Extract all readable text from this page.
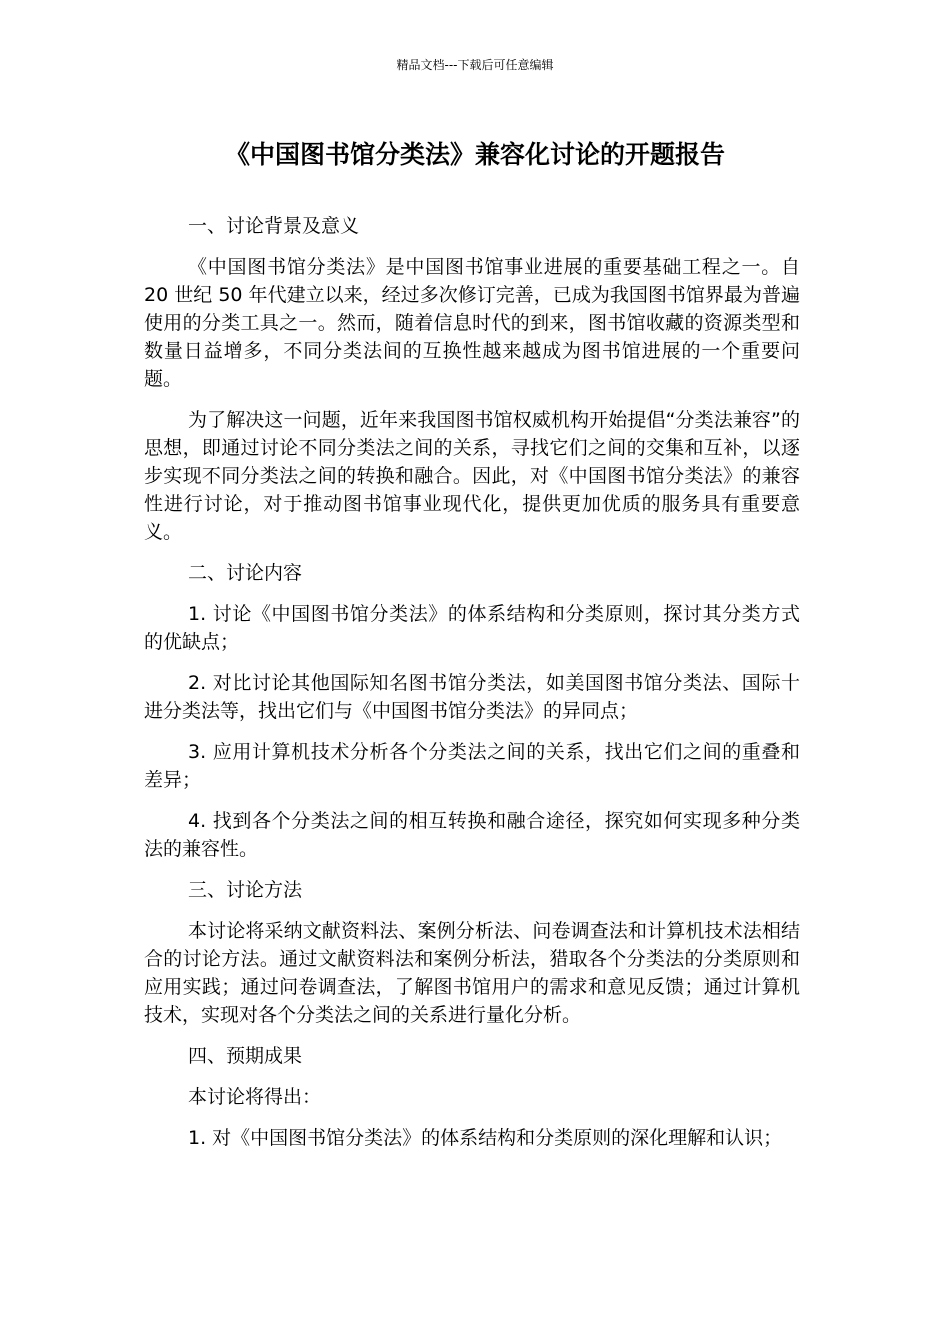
精品文档---下载后可任意编辑
《中国图书馆分类法》兼容化讨论的开题报告

一、讨论背景及意义

《中国图书馆分类法》是中国图书馆事业进展的重要基础工程之一。自 20 世纪 50 年代建立以来，经过多次修订完善，已成为我国图书馆界最为普遍使用的分类工具之一。然而，随着信息时代的到来，图书馆收藏的资源类型和数量日益增多，不同分类法间的互换性越来越成为图书馆进展的一个重要问题。

为了解决这一问题，近年来我国图书馆权威机构开始提倡“分类法兼容”的思想，即通过讨论不同分类法之间的关系，寻找它们之间的交集和互补，以逐步实现不同分类法之间的转换和融合。因此，对《中国图书馆分类法》的兼容性进行讨论，对于推动图书馆事业现代化，提供更加优质的服务具有重要意义。

二、讨论内容

1. 讨论《中国图书馆分类法》的体系结构和分类原则，探讨其分类方式的优缺点；

2. 对比讨论其他国际知名图书馆分类法，如美国图书馆分类法、国际十进分类法等，找出它们与《中国图书馆分类法》的异同点；

3. 应用计算机技术分析各个分类法之间的关系，找出它们之间的重叠和差异；

4. 找到各个分类法之间的相互转换和融合途径，探究如何实现多种分类法的兼容性。

三、讨论方法

本讨论将采纳文献资料法、案例分析法、问卷调查法和计算机技术法相结合的讨论方法。通过文献资料法和案例分析法，猎取各个分类法的分类原则和应用实践；通过问卷调查法，了解图书馆用户的需求和意见反馈；通过计算机技术，实现对各个分类法之间的关系进行量化分析。

四、预期成果

本讨论将得出：

1. 对《中国图书馆分类法》的体系结构和分类原则的深化理解和认识；
